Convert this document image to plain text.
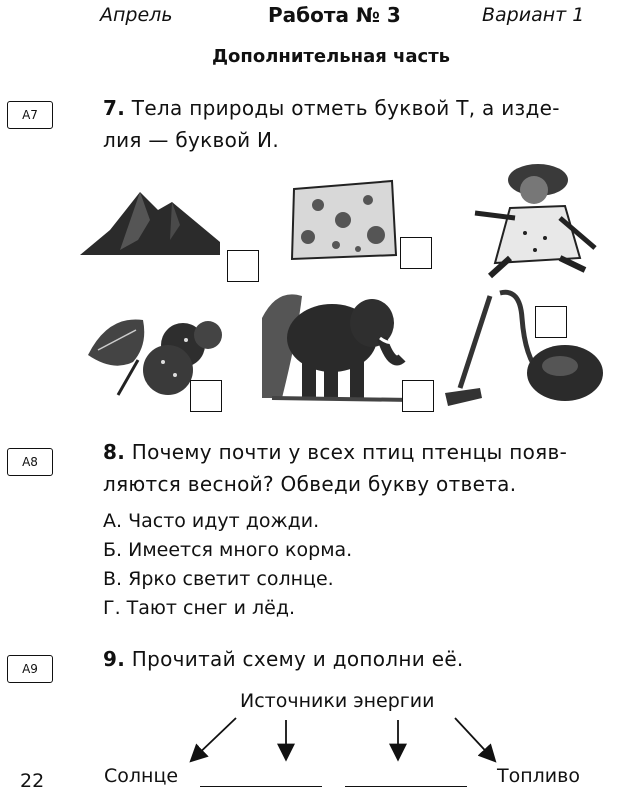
Апрель	Работа № 3	Вариант 1
Дополнительная часть
А7	7. Тела природы отметь буквой Т, а изде-
лия — буквой И.
А8	8. Почему почти у всех птиц птенцы появ-
ляются весной? Обведи букву ответа.
А. Часто идут дожди.
Б. Имеется много корма.
В. Ярко светит солнце.
Г. Тают снег и лёд.
А9	9. Прочитай схему и дополни её.
Источники энергии
Солнце	Топливо
22
